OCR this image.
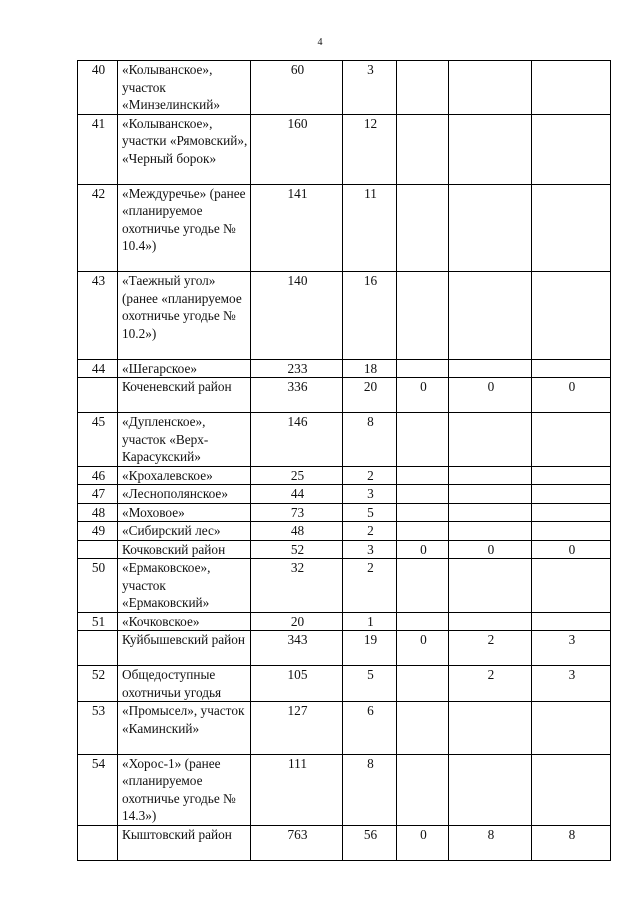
4
40	«Колыванское», участок «Минзелинский»	60	3			
41	«Колыванское», участки «Рямовский», «Черный борок»	160	12			
42	«Междуречье» (ранее «планируемое охотничье угодье № 10.4»)	141	11			
43	«Таежный угол» (ранее «планируемое охотничье угодье № 10.2»)	140	16			
44	«Шегарское»	233	18			
	Коченевский район	336	20	0	0	0
45	«Дупленское», участок «Верх-Карасукский»	146	8			
46	«Крохалевское»	25	2			
47	«Леснополянское»	44	3			
48	«Моховое»	73	5			
49	«Сибирский лес»	48	2			
	Кочковский район	52	3	0	0	0
50	«Ермаковское», участок «Ермаковский»	32	2			
51	«Кочковское»	20	1			
	Куйбышевский район	343	19	0	2	3
52	Общедоступные охотничьи угодья	105	5		2	3
53	«Промысел», участок «Каминский»	127	6			
54	«Хорос-1» (ранее «планируемое охотничье угодье № 14.3»)	111	8			
	Кыштовский район	763	56	0	8	8
